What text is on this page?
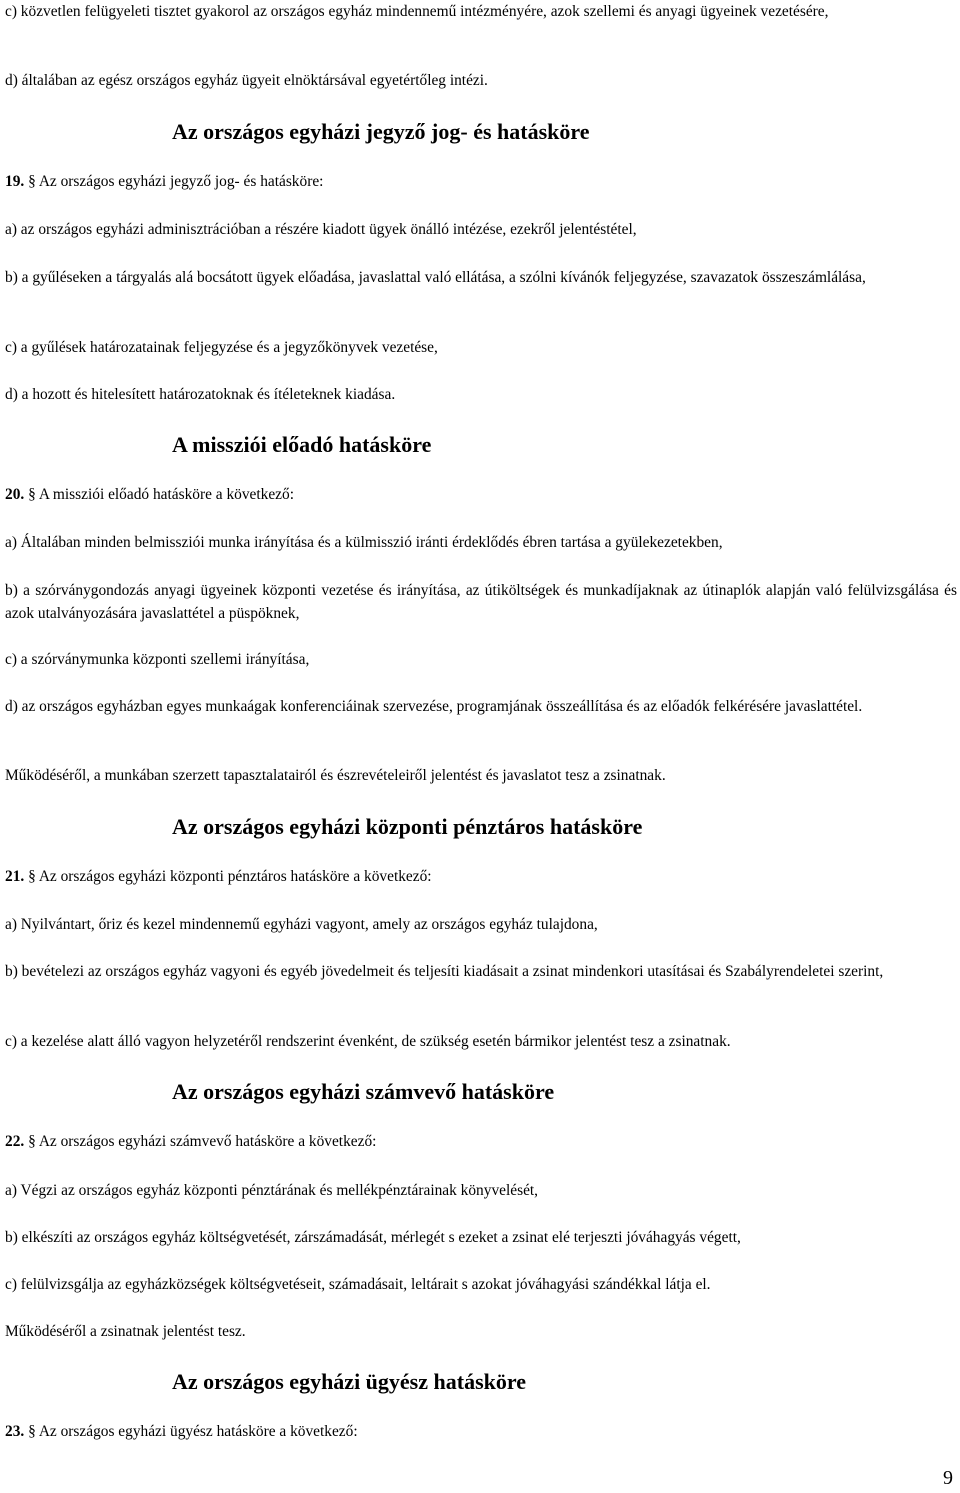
c) közvetlen felügyeleti tisztet gyakorol az országos egyház mindennemű intézményére, azok szellemi és anyagi ügyeinek vezetésére,

d) általában az egész országos egyház ügyeit elnöktársával egyetértőleg intézi.

Az országos egyházi jegyző jog- és hatásköre

19. § Az országos egyházi jegyző jog- és hatásköre:

a) az országos egyházi adminisztrációban a részére kiadott ügyek önálló intézése, ezekről jelentéstétel,

b) a gyűléseken a tárgyalás alá bocsátott ügyek előadása, javaslattal való ellátása, a szólni kívánók feljegyzése, szavazatok összeszámlálása,

c) a gyűlések határozatainak feljegyzése és a jegyzőkönyvek vezetése,

d) a hozott és hitelesített határozatoknak és ítéleteknek kiadása.

A missziói előadó hatásköre

20. § A missziói előadó hatásköre a következő:

a) Általában minden belmissziói munka irányítása és a külmisszió iránti érdeklődés ébren tartása a gyülekezetekben,

b) a szórványgondozás anyagi ügyeinek központi vezetése és irányítása, az útiköltségek és munkadíjaknak az útinaplók alapján való felülvizsgálása és azok utalványozására javaslattétel a püspöknek,

c) a szórványmunka központi szellemi irányítása,

d) az országos egyházban egyes munkaágak konferenciáinak szervezése, programjának összeállítása és az előadók felkérésére javaslattétel.

Működéséről, a munkában szerzett tapasztalatairól és észrevételeiről jelentést és javaslatot tesz a zsinatnak.

Az országos egyházi központi pénztáros hatásköre

21. § Az országos egyházi központi pénztáros hatásköre a következő:

a) Nyilvántart, őriz és kezel mindennemű egyházi vagyont, amely az országos egyház tulajdona,

b) bevételezi az országos egyház vagyoni és egyéb jövedelmeit és teljesíti kiadásait a zsinat mindenkori utasításai és Szabályrendeletei szerint,

c) a kezelése alatt álló vagyon helyzetéről rendszerint évenként, de szükség esetén bármikor jelentést tesz a zsinatnak.

Az országos egyházi számvevő hatásköre

22. § Az országos egyházi számvevő hatásköre a következő:

a) Végzi az országos egyház központi pénztárának és mellékpénztárainak könyvelését,

b) elkészíti az országos egyház költségvetését, zárszámadását, mérlegét s ezeket a zsinat elé terjeszti jóváhagyás végett,

c) felülvizsgálja az egyházközségek költségvetéseit, számadásait, leltárait s azokat jóváhagyási szándékkal látja el.

Működéséről a zsinatnak jelentést tesz.

Az országos egyházi ügyész hatásköre

23. § Az országos egyházi ügyész hatásköre a következő:

9
